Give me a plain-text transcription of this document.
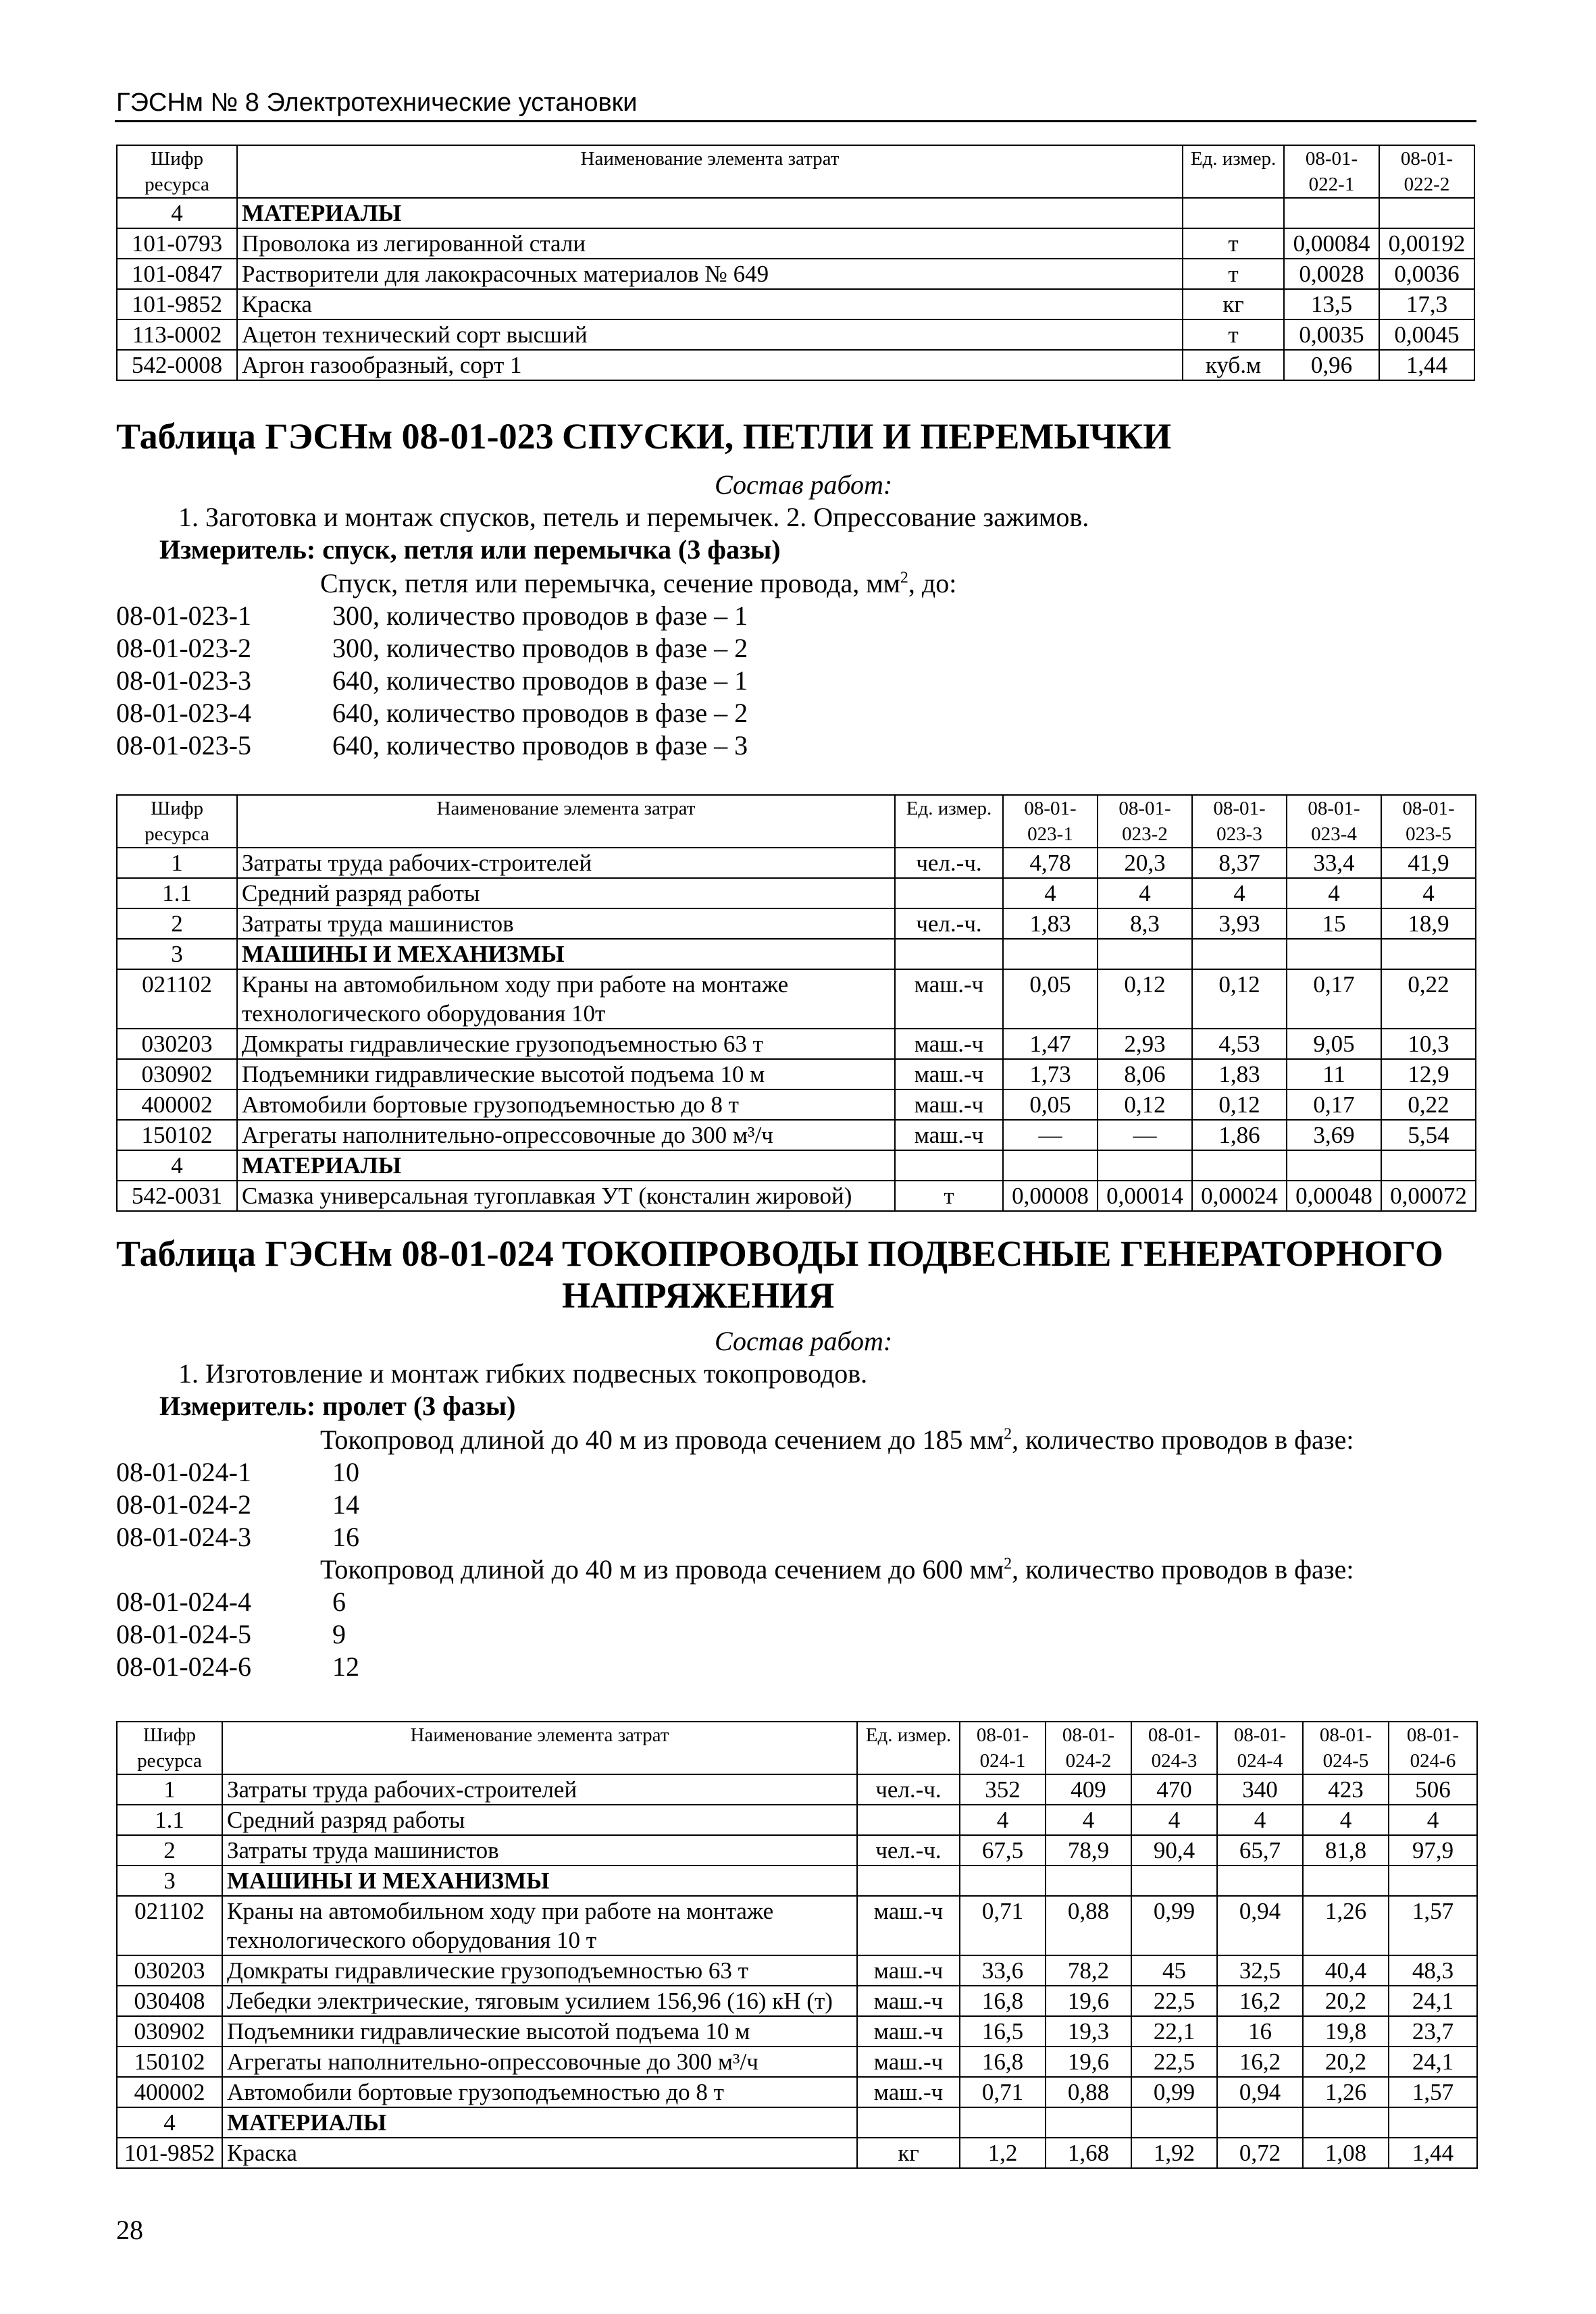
ГЭСНм № 8 Электротехнические установки
Шифр ресурса	Наименование элемента затрат	Ед. измер.	08-01-022-1	08-01-022-2
4	МАТЕРИАЛЫ			
101-0793	Проволока из легированной стали	т	0,00084	0,00192
101-0847	Растворители для лакокрасочных материалов № 649	т	0,0028	0,0036
101-9852	Краска	кг	13,5	17,3
113-0002	Ацетон технический сорт высший	т	0,0035	0,0045
542-0008	Аргон газообразный, сорт 1	куб.м	0,96	1,44
Таблица ГЭСНм 08-01-023 СПУСКИ, ПЕТЛИ И ПЕРЕМЫЧКИ
Состав работ:
1. Заготовка и монтаж спусков, петель и перемычек. 2. Опрессование зажимов.
Измеритель: спуск, петля или перемычка (3 фазы)
Спуск, петля или перемычка, сечение провода, $мм^2$, до:
08-01-023-1	300, количество проводов в фазе – 1
08-01-023-2	300, количество проводов в фазе – 2
08-01-023-3	640, количество проводов в фазе – 1
08-01-023-4	640, количество проводов в фазе – 2
08-01-023-5	640, количество проводов в фазе – 3
Шифр ресурса	Наименование элемента затрат	Ед. измер.	08-01-023-1	08-01-023-2	08-01-023-3	08-01-023-4	08-01-023-5
1	Затраты труда рабочих-строителей	чел.-ч.	4,78	20,3	8,37	33,4	41,9
1.1	Средний разряд работы		4	4	4	4	4
2	Затраты труда машинистов	чел.-ч.	1,83	8,3	3,93	15	18,9
3	МАШИНЫ И МЕХАНИЗМЫ						
021102	Краны на автомобильном ходу при работе на монтаже технологического оборудования 10т	маш.-ч	0,05	0,12	0,12	0,17	0,22
030203	Домкраты гидравлические грузоподъемностью 63 т	маш.-ч	1,47	2,93	4,53	9,05	10,3
030902	Подъемники гидравлические высотой подъема 10 м	маш.-ч	1,73	8,06	1,83	11	12,9
400002	Автомобили бортовые грузоподъемностью до 8 т	маш.-ч	0,05	0,12	0,12	0,17	0,22
150102	Агрегаты наполнительно-опрессовочные до 300 м³/ч	маш.-ч	—	—	1,86	3,69	5,54
4	МАТЕРИАЛЫ						
542-0031	Смазка универсальная тугоплавкая УТ (консталин жировой)	т	0,00008	0,00014	0,00024	0,00048	0,00072
Таблица ГЭСНм 08-01-024 ТОКОПРОВОДЫ ПОДВЕСНЫЕ ГЕНЕРАТОРНОГО
НАПРЯЖЕНИЯ
Состав работ:
1. Изготовление и монтаж гибких подвесных токопроводов.
Измеритель: пролет (3 фазы)
Токопровод длиной до 40 м из провода сечением до 185 $мм^2$, количество проводов в фазе:
08-01-024-1	10
08-01-024-2	14
08-01-024-3	16
Токопровод длиной до 40 м из провода сечением до 600 $мм^2$, количество проводов в фазе:
08-01-024-4	6
08-01-024-5	9
08-01-024-6	12
Шифр ресурса	Наименование элемента затрат	Ед. измер.	08-01-024-1	08-01-024-2	08-01-024-3	08-01-024-4	08-01-024-5	08-01-024-6
1	Затраты труда рабочих-строителей	чел.-ч.	352	409	470	340	423	506
1.1	Средний разряд работы		4	4	4	4	4	4
2	Затраты труда машинистов	чел.-ч.	67,5	78,9	90,4	65,7	81,8	97,9
3	МАШИНЫ И МЕХАНИЗМЫ							
021102	Краны на автомобильном ходу при работе на монтаже технологического оборудования 10 т	маш.-ч	0,71	0,88	0,99	0,94	1,26	1,57
030203	Домкраты гидравлические грузоподъемностью 63 т	маш.-ч	33,6	78,2	45	32,5	40,4	48,3
030408	Лебедки электрические, тяговым усилием 156,96 (16) кН (т)	маш.-ч	16,8	19,6	22,5	16,2	20,2	24,1
030902	Подъемники гидравлические высотой подъема 10 м	маш.-ч	16,5	19,3	22,1	16	19,8	23,7
150102	Агрегаты наполнительно-опрессовочные до 300 м³/ч	маш.-ч	16,8	19,6	22,5	16,2	20,2	24,1
400002	Автомобили бортовые грузоподъемностью до 8 т	маш.-ч	0,71	0,88	0,99	0,94	1,26	1,57
4	МАТЕРИАЛЫ							
101-9852	Краска	кг	1,2	1,68	1,92	0,72	1,08	1,44
28
